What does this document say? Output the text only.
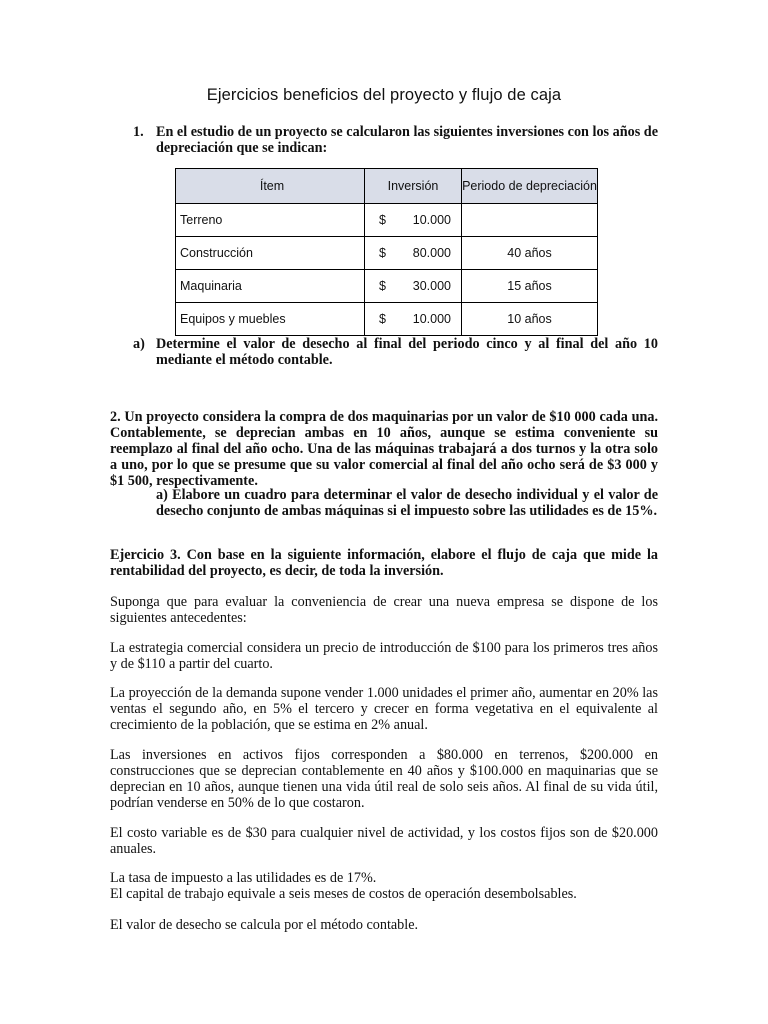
Ejercicios beneficios del proyecto y flujo de caja
1. En el estudio de un proyecto se calcularon las siguientes inversiones con los años de depreciación que se indican:
Ítem	Inversión	Periodo de depreciación
Terreno	$ 10.000	

Construcción	$ 80.000	40 años
Maquinaria	$ 30.000	15 años
Equipos y muebles	$ 10.000	10 años
a) Determine el valor de desecho al final del periodo cinco y al final del año 10 mediante el método contable.
2. Un proyecto considera la compra de dos maquinarias por un valor de $10 000 cada una. Contablemente, se deprecian ambas en 10 años, aunque se estima conveniente su reemplazo al final del año ocho. Una de las máquinas trabajará a dos turnos y la otra solo a uno, por lo que se presume que su valor comercial al final del año ocho será de $3 000 y $1 500, respectivamente.
a) Elabore un cuadro para determinar el valor de desecho individual y el valor de desecho conjunto de ambas máquinas si el impuesto sobre las utilidades es de 15%.
Ejercicio 3. Con base en la siguiente información, elabore el flujo de caja que mide la rentabilidad del proyecto, es decir, de toda la inversión.
Suponga que para evaluar la conveniencia de crear una nueva empresa se dispone de los siguientes antecedentes:
La estrategia comercial considera un precio de introducción de $100 para los primeros tres años y de $110 a partir del cuarto.
La proyección de la demanda supone vender 1.000 unidades el primer año, aumentar en 20% las ventas el segundo año, en 5% el tercero y crecer en forma vegetativa en el equivalente al crecimiento de la población, que se estima en 2% anual.
Las inversiones en activos fijos corresponden a $80.000 en terrenos, $200.000 en construcciones que se deprecian contablemente en 40 años y $100.000 en maquinarias que se deprecian en 10 años, aunque tienen una vida útil real de solo seis años. Al final de su vida útil, podrían venderse en 50% de lo que costaron.
El costo variable es de $30 para cualquier nivel de actividad, y los costos fijos son de $20.000 anuales.
La tasa de impuesto a las utilidades es de 17%.
El capital de trabajo equivale a seis meses de costos de operación desembolsables.
El valor de desecho se calcula por el método contable.
